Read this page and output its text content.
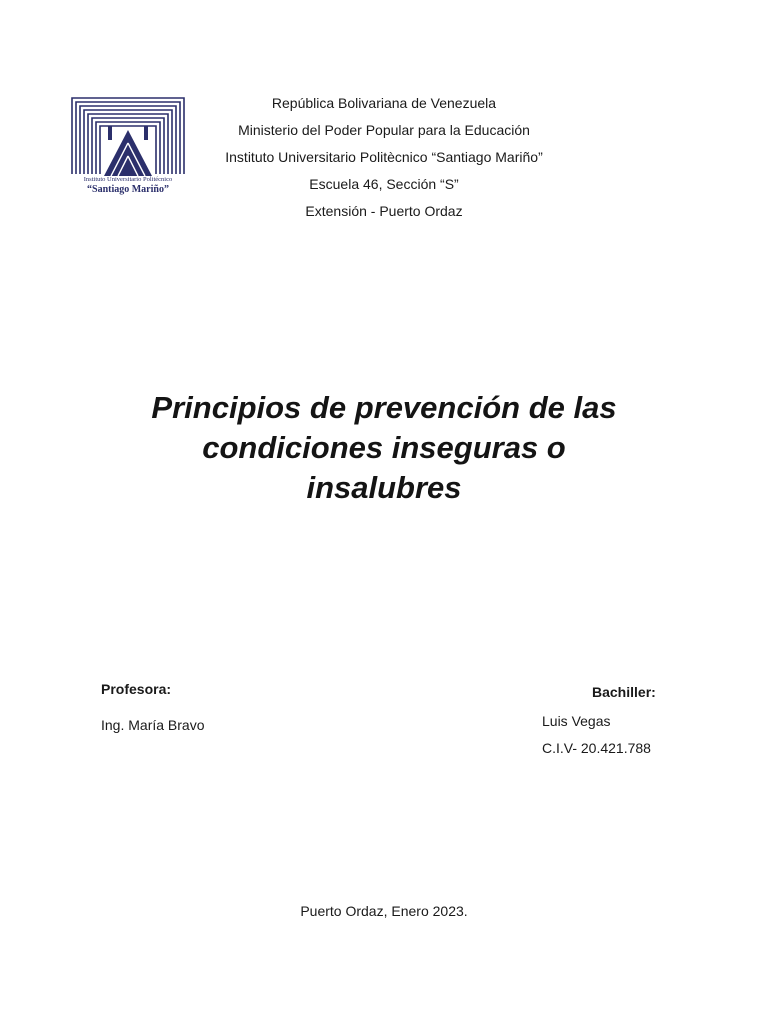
Instituto Universitario Politécnico
“Santiago Mariño”
República Bolivariana de Venezuela
Ministerio del Poder Popular para la Educación
Instituto Universitario Politècnico “Santiago Mariño”
Escuela 46, Sección “S”
Extensión - Puerto Ordaz
Principios de prevención de las
condiciones inseguras o
insalubres
Profesora:
Ing. María Bravo
Bachiller:
Luis Vegas
C.I.V- 20.421.788
Puerto Ordaz, Enero 2023.
